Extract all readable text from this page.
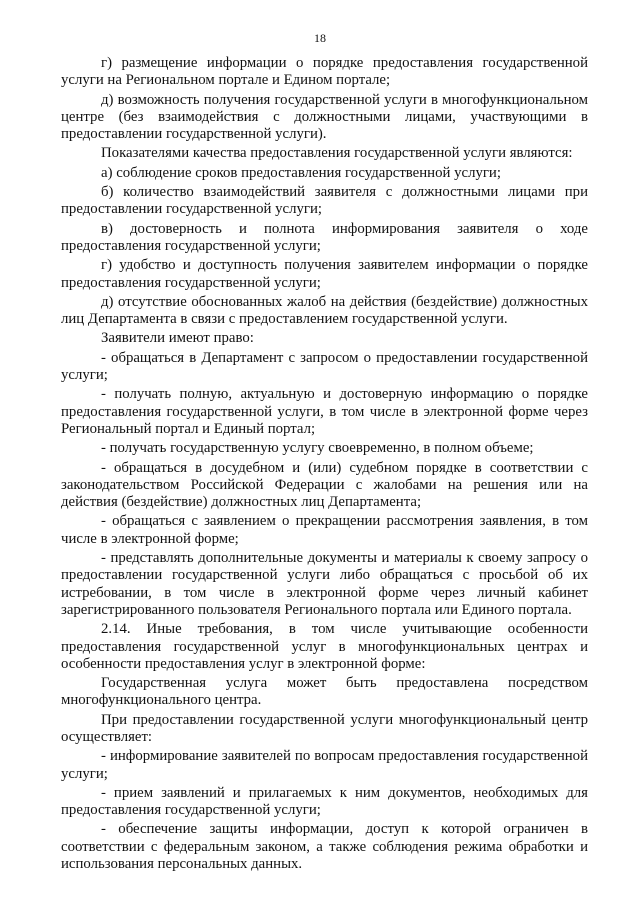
18

г) размещение информации о порядке предоставления государственной услуги на Региональном портале и Едином портале;

д) возможность получения государственной услуги в многофункциональном центре (без взаимодействия с должностными лицами, участвующими в предоставлении государственной услуги).

Показателями качества предоставления государственной услуги являются:

а) соблюдение сроков предоставления государственной услуги;

б) количество взаимодействий заявителя с должностными лицами при предоставлении государственной услуги;

в) достоверность и полнота информирования заявителя о ходе предоставления государственной услуги;

г) удобство и доступность получения заявителем информации о порядке предоставления государственной услуги;

д) отсутствие обоснованных жалоб на действия (бездействие) должностных лиц Департамента в связи с предоставлением государственной услуги.

Заявители имеют право:

- обращаться в Департамент с запросом о предоставлении государственной услуги;

- получать полную, актуальную и достоверную информацию о порядке предоставления государственной услуги, в том числе в электронной форме через Региональный портал и Единый портал;

- получать государственную услугу своевременно, в полном объеме;

- обращаться в досудебном и (или) судебном порядке в соответствии с законодательством Российской Федерации с жалобами на решения или на действия (бездействие) должностных лиц Департамента;

- обращаться с заявлением о прекращении рассмотрения заявления, в том числе в электронной форме;

- представлять дополнительные документы и материалы к своему запросу о предоставлении государственной услуги либо обращаться с просьбой об их истребовании, в том числе в электронной форме через личный кабинет зарегистрированного пользователя Регионального портала или Единого портала.

2.14. Иные требования, в том числе учитывающие особенности предоставления государственной услуг в многофункциональных центрах и особенности предоставления услуг в электронной форме:

Государственная услуга может быть предоставлена посредством многофункционального центра.

При предоставлении государственной услуги многофункциональный центр осуществляет:

- информирование заявителей по вопросам предоставления государственной услуги;

- прием заявлений и прилагаемых к ним документов, необходимых для предоставления государственной услуги;

- обеспечение защиты информации, доступ к которой ограничен в соответствии с федеральным законом, а также соблюдения режима обработки и использования персональных данных.
